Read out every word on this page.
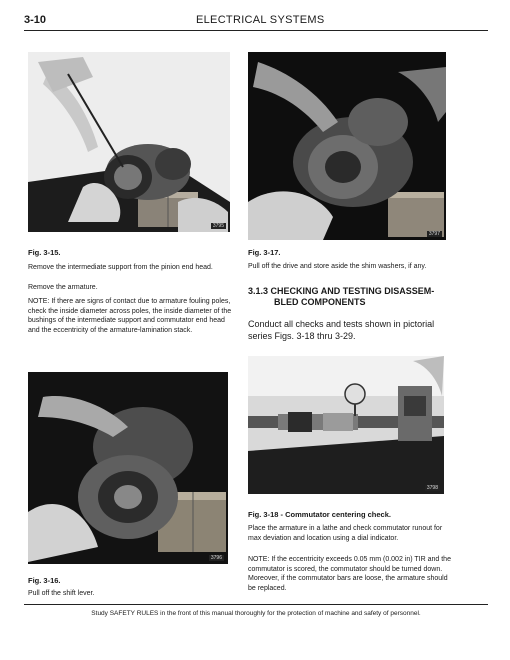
3-10	ELECTRICAL SYSTEMS
3795
3797
Fig. 3-15.
Remove the intermediate support from the pinion end head.
Remove the armature.
NOTE: If there are signs of contact due to armature fouling poles, check the inside diameter across poles, the inside diameter of the bushings of the intermediate support and commutator end head and the eccentricity of the armature-lamination stack.
Fig. 3-17.
Pull off the drive and store aside the shim washers, if any.
3.1.3 CHECKING AND TESTING DISASSEM-
BLED COMPONENTS
Conduct all checks and tests shown in pictorial series Figs. 3-18 thru 3-29.
3796
3798
Fig. 3-18 - Commutator centering check.
Place the armature in a lathe and check commutator runout for max deviation and location using a dial indicator.
NOTE: If the eccentricity exceeds 0.05 mm (0.002 in) TIR and the commutator is scored, the commutator should be turned down. Moreover, if the commutator bars are loose, the armature should be replaced.
Fig. 3-16.
Pull off the shift lever.
Study SAFETY RULES in the front of this manual thoroughly for the protection of machine and safety of personnel.
